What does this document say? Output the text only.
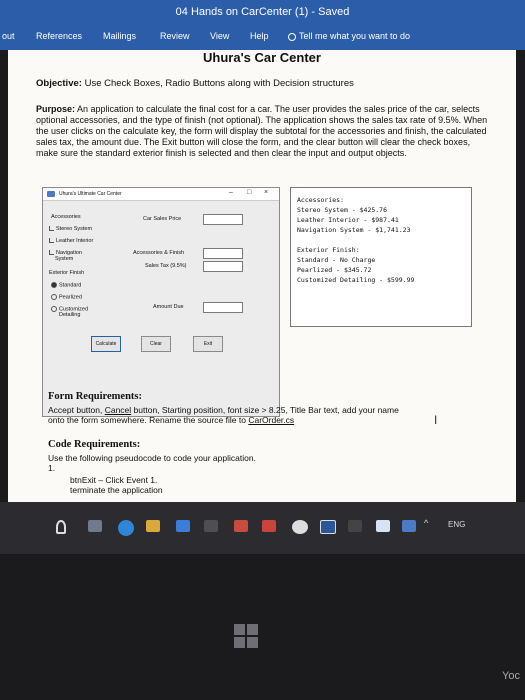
04 Hands on CarCenter (1) - Saved
out References Mailings	Review View Help	Tell me what you want to do
Uhura's Car Center
Objective: Use Check Boxes, Radio Buttons along with Decision structures
Purpose: An application to calculate the final cost for a car. The user provides the sales price of the car, selects optional accessories, and the type of finish (not optional). The application shows the sales tax rate of 9.5%. When the user clicks on the calculate key, the form will display the subtotal for the accessories and finish, the calculated sales tax, the amount due. The Exit button will close the form, and the clear button will clear the check boxes, make sure the standard exterior finish is selected and then clear the input and output objects.
Uhura's Ultimate Car Center	– □ ×
Accessories
Stereo System
Leather Interior
Navigation
System
Exterior Finish
Standard
Pearlized
Customized
Detailing
Car Sales Price
Accessories & Finish
Sales Tax (9.5%)
Amount Due
Calculate	Clear	Exit
Accessories:
Stereo System - $425.76
Leather Interior - $987.41
Navigation System - $1,741.23
Exterior Finish:
Standard - No Charge
Pearlized - $345.72
Customized Detailing - $599.99
Form Requirements:
Accept button, Cancel button, Starting position, font size > 8.25, Title Bar text, add your name
onto the form somewhere. Rename the source file to CarOrder.cs	I
Code Requirements:
Use the following pseudocode to code your application.
1.
btnExit – Click Event 1.
terminate the application
^ ENG
Yoc
